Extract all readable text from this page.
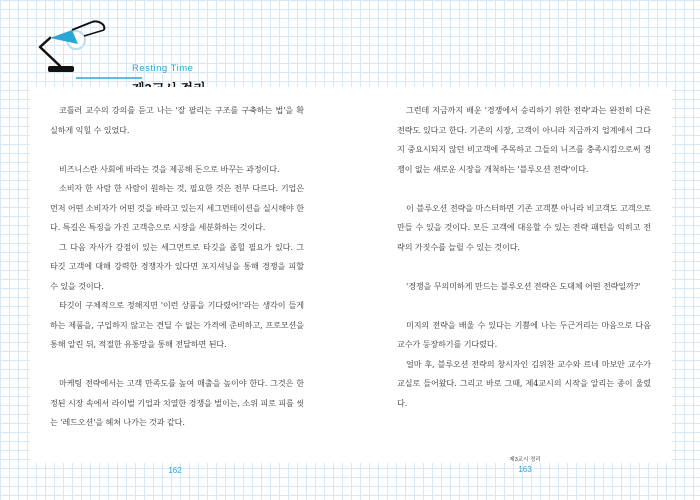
Resting Time

코틀러 교수의 강의를 듣고 나는 '잘 팔리는 구조를 구축하는 법'을 확실하게 익힐 수 있었다.

비즈니스란 사회에 바라는 것을 제공해 돈으로 바꾸는 과정이다.

소비자 한 사람 한 사람이 원하는 것, 필요한 것은 전부 다르다. 기업은 먼저 어떤 소비자가 어떤 것을 바라고 있는지 세그먼테이션을 실시해야 한다. 특길은 특징을 가진 고객층으로 시장을 세분화하는 것이다.

그 다음 자사가 강점이 있는 세그먼트로 타깃을 좁힐 필요가 있다. 그 타깃 고객에 대해 강력한 경쟁자가 있다면 포지셔닝을 통해 경쟁을 피할 수 있을 것이다.

타깃이 구체적으로 정해지면 '이런 상품을 기다렸어!'라는 생각이 들게 하는 제품을, 구입하지 않고는 견딜 수 없는 가격에 준비하고, 프로모션을 통해 알린 뒤, 적절한 유통망을 통해 전달하면 된다.

마케팅 전략에서는 고객 만족도를 높여 매출을 높이야 한다. 그것은 한정된 시장 속에서 라이벌 기업과 치열한 경쟁을 벌이는, 소위 피로 피를 씻는 '레드오션'을 헤쳐 나가는 것과 같다.

그런데 지금까지 배운 '경쟁에서 승리하기 위한 전략'과는 완전히 다른 전략도 있다고 한다. 기존의 시장, 고객이 아니라 지금까지 업계에서 그다지 중요시되지 않던 비고객에 주목하고 그들의 니즈를 충족시킴으로써 경쟁이 없는 새로운 시장을 개척하는 '블루오션 전략'이다.

이 블루오션 전략을 마스터하면 기존 고객뿐 아니라 비고객도 고객으로 만들 수 있을 것이다. 모든 고객에 대응할 수 있는 전략 패턴을 익히고 전략의 가짓수를 늘릴 수 있는 것이다.

'경쟁을 무의미하게 만드는 블루오션 전략은 도대체 어떤 전략일까?'

미지의 전략을 배울 수 있다는 기쁨에 나는 두근거리는 마음으로 다음 교수가 등장하기를 기다렸다.

얼마 후, 블루오션 전략의 창시자인 김위찬 교수와 르네 마보안 교수가 교실로 들어왔다. 그리고 바로 그때, 제4교시의 시작을 알리는 종이 울렸다.

162
제3교시 정리
163
